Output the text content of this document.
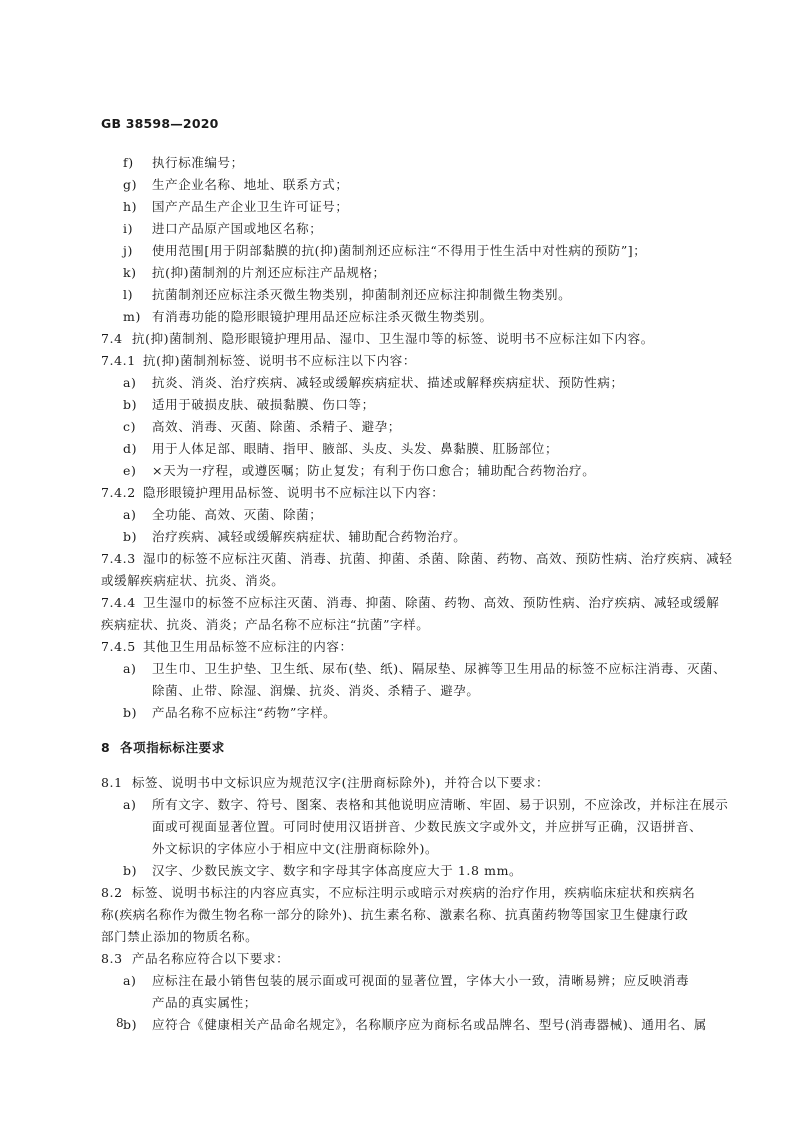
GB 38598—2020
f) 执行标准编号；
g) 生产企业名称、地址、联系方式；
h) 国产产品生产企业卫生许可证号；
i) 进口产品原产国或地区名称；
j) 使用范围[用于阴部黏膜的抗(抑)菌制剂还应标注“不得用于性生活中对性病的预防”]；
k) 抗(抑)菌制剂的片剂还应标注产品规格；
l) 抗菌制剂还应标注杀灭微生物类别，抑菌制剂还应标注抑制微生物类别。
m) 有消毒功能的隐形眼镜护理用品还应标注杀灭微生物类别。
7.4 抗(抑)菌制剂、隐形眼镜护理用品、湿巾、卫生湿巾等的标签、说明书不应标注如下内容。
7.4.1 抗(抑)菌制剂标签、说明书不应标注以下内容：
a) 抗炎、消炎、治疗疾病、减轻或缓解疾病症状、描述或解释疾病症状、预防性病；
b) 适用于破损皮肤、破损黏膜、伤口等；
c) 高效、消毒、灭菌、除菌、杀精子、避孕；
d) 用于人体足部、眼睛、指甲、腋部、头皮、头发、鼻黏膜、肛肠部位；
e) ×天为一疗程，或遵医嘱；防止复发；有利于伤口愈合；辅助配合药物治疗。
7.4.2 隐形眼镜护理用品标签、说明书不应标注以下内容：
a) 全功能、高效、灭菌、除菌；
b) 治疗疾病、减轻或缓解疾病症状、辅助配合药物治疗。
7.4.3 湿巾的标签不应标注灭菌、消毒、抗菌、抑菌、杀菌、除菌、药物、高效、预防性病、治疗疾病、减轻
或缓解疾病症状、抗炎、消炎。
7.4.4 卫生湿巾的标签不应标注灭菌、消毒、抑菌、除菌、药物、高效、预防性病、治疗疾病、减轻或缓解
疾病症状、抗炎、消炎；产品名称不应标注“抗菌”字样。
7.4.5 其他卫生用品标签不应标注的内容：
a) 卫生巾、卫生护垫、卫生纸、尿布(垫、纸)、隔尿垫、尿裤等卫生用品的标签不应标注消毒、灭菌、
除菌、止带、除湿、润燥、抗炎、消炎、杀精子、避孕。
b) 产品名称不应标注“药物”字样。
8 各项指标标注要求
8.1 标签、说明书中文标识应为规范汉字(注册商标除外)，并符合以下要求：
a) 所有文字、数字、符号、图案、表格和其他说明应清晰、牢固、易于识别，不应涂改，并标注在展示
面或可视面显著位置。可同时使用汉语拼音、少数民族文字或外文，并应拼写正确，汉语拼音、
外文标识的字体应小于相应中文(注册商标除外)。
b) 汉字、少数民族文字、数字和字母其字体高度应大于 1.8 mm。
8.2 标签、说明书标注的内容应真实，不应标注明示或暗示对疾病的治疗作用，疾病临床症状和疾病名
称(疾病名称作为微生物名称一部分的除外)、抗生素名称、激素名称、抗真菌药物等国家卫生健康行政
部门禁止添加的物质名称。
8.3 产品名称应符合以下要求：
a) 应标注在最小销售包装的展示面或可视面的显著位置，字体大小一致，清晰易辨；应反映消毒
产品的真实属性；
b) 应符合《健康相关产品命名规定》，名称顺序应为商标名或品牌名、型号(消毒器械)、通用名、属
8
